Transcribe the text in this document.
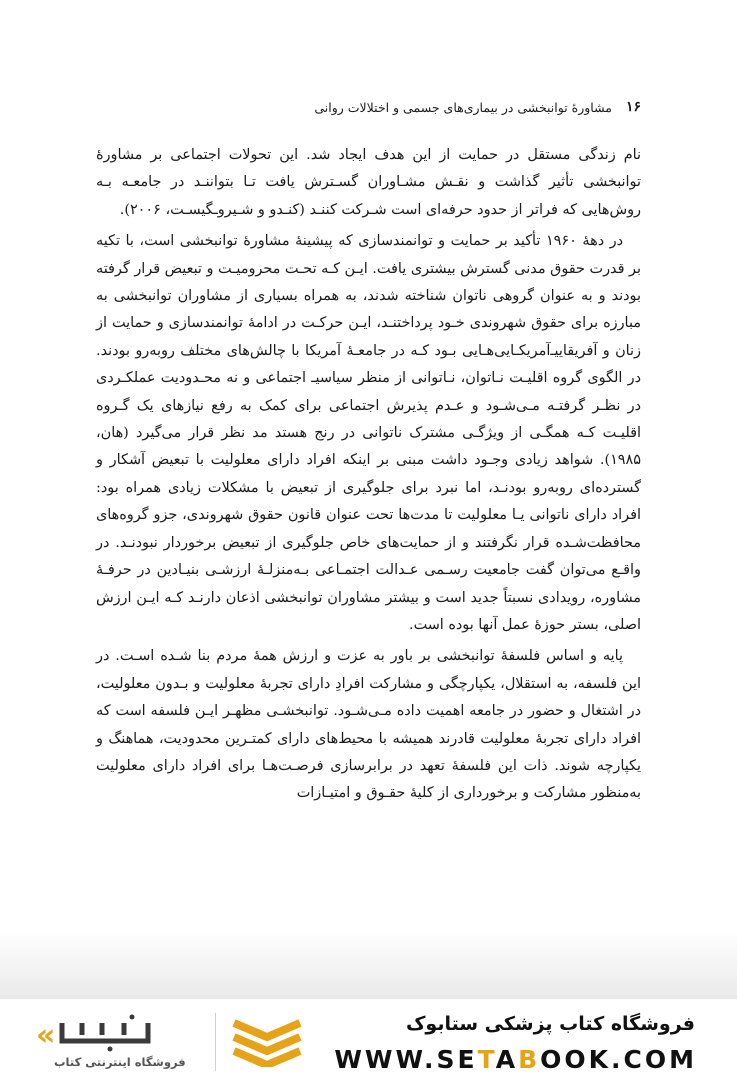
۱۶
مشاورهٔ توانبخشی در بیماری‌های جسمی و اختلالات روانی

نام زندگی مستقل در حمایت از این هدف ایجاد شد. این تحولات اجتماعی بر مشاورهٔ توانبخشی تأثیر گذاشت و نقـش مشـاوران گسـترش یافت تـا بتواننـد در جامعـه بـه روش‌هایی که فراتر از حدود حرفه‌ای است شـرکت کننـد (کنـدو و شـیروـگیسـت، ۲۰۰۶).

در دههٔ ۱۹۶۰ تأکید بر حمایت و توانمندسازی که پیشینهٔ مشاورهٔ توانبخشی است، با تکیه بر قدرت حقوق مدنی گسترش بیشتری یافت. ایـن کـه تحـت محرومیـت و تبعیض قرار گرفته بودند و به عنوان گروهی ناتوان شناخته شدند، به همراه بسیاری از مشاوران توانبخشی به مبارزه برای حقوق شهروندی خـود پرداختنـد، ایـن حرکـت در ادامهٔ توانمندسازی و حمایت از زنان و آفریقاییـ‌آمریکـایی‌هـایی بـود کـه در جامعـهٔ آمریکا با چالش‌های مختلف روبه‌رو بودند. در الگوی گروه اقلیـت نـاتوان، نـاتوانی از منظر سیاسیـ اجتماعی و نه محـدودیت عملکـردی در نظـر گرفتـه مـی‌شـود و عـدم پذیرش اجتماعی برای کمک به رفع نیازهای یک گـروه اقلیـت کـه همگـی از ویژگـی مشترک ناتوانی در رنج هستد مد نظر قرار می‌گیرد (هان، ۱۹۸۵). شواهد زیادی وجـود داشت مبنی بر اینکه افراد دارای معلولیت با تبعیض آشکار و گسترده‌ای روبه‌رو بودنـد، اما نبرد برای جلوگیری از تبعیض با مشکلات زیادی همراه بود: افراد دارای ناتوانی یـا معلولیت تا مدت‌ها تحت عنوان قانون حقوق شهروندی، جزو گروه‌های محافظت‌شـده قرار نگرفتند و از حمایت‌های خاص جلوگیری از تبعیض برخوردار نبودنـد. در واقـع می‌توان گفت جامعیت رسـمی عـدالت اجتمـاعی بـه‌منزلـهٔ ارزشـی بنیـادین در حرفـهٔ مشاوره، رویدادی نسبتاً جدید است و بیشتر مشاوران توانبخشی اذعان دارنـد کـه ایـن ارزش اصلی، بستر حوزهٔ عمل آنها بوده است.

پایه و اساس فلسفهٔ توانبخشی بر باور به عزت و ارزش همهٔ مردم بنا شـده اسـت. در این فلسفه، به استقلال، یکپارچگی و مشارکت افرادِ دارای تجربهٔ معلولیت و بـدون معلولیت، در اشتغال و حضور در جامعه اهمیت داده مـی‌شـود. توانبخشـی مظهـر ایـن فلسفه است که افراد دارای تجربهٔ معلولیت قادرند همیشه با محیط‌های دارای کمتـرین محدودیت، هماهنگ و یکپارچه شوند. ذات این فلسفهٔ تعهد در برابرسازی فرصـت‌هـا برای افراد دارای معلولیت به‌منظور مشارکت و برخورداری از کلیهٔ حقـوق و امتیـازات

«
فروشگاه اینترنتی کتاب
فروشگاه کتاب پزشکی ستابوک
WWW.SETABOOK.COM
